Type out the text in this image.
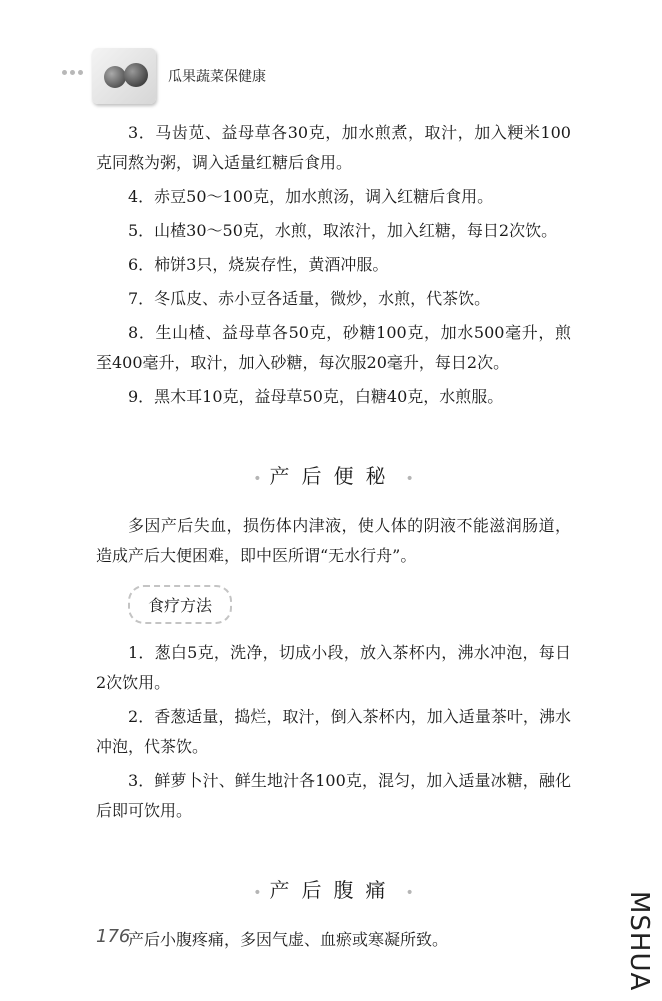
瓜果蔬菜保健康

3．马齿苋、益母草各30克，加水煎煮，取汁，加入粳米100克同熬为粥，调入适量红糖后食用。

4．赤豆50～100克，加水煎汤，调入红糖后食用。

5．山楂30～50克，水煎，取浓汁，加入红糖，每日2次饮。

6．柿饼3只，烧炭存性，黄酒冲服。

7．冬瓜皮、赤小豆各适量，微炒，水煎，代茶饮。

8．生山楂、益母草各50克，砂糖100克，加水500毫升，煎至400毫升，取汁，加入砂糖，每次服20毫升，每日2次。

9．黑木耳10克，益母草50克，白糖40克，水煎服。

• 产后便秘 •

多因产后失血，损伤体内津液，使人体的阴液不能滋润肠道，造成产后大便困难，即中医所谓“无水行舟”。

食疗方法

1．葱白5克，洗净，切成小段，放入茶杯内，沸水冲泡，每日2次饮用。

2．香葱适量，捣烂，取汁，倒入茶杯内，加入适量茶叶，沸水冲泡，代茶饮。

3．鲜萝卜汁、鲜生地汁各100克，混匀，加入适量冰糖，融化后即可饮用。

• 产后腹痛 •

产后小腹疼痛，多因气虚、血瘀或寒凝所致。

176	MSHUA
